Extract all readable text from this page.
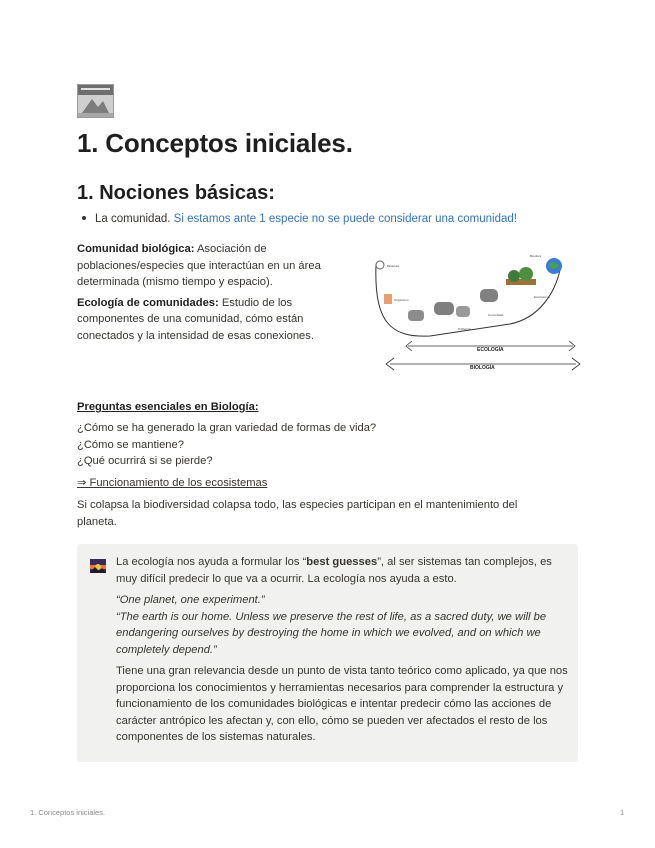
1. Conceptos iniciales.
1. Nociones básicas:
La comunidad. Si estamos ante 1 especie no se puede considerar una comunidad!

Comunidad biológica: Asociación de poblaciones/especies que interactúan en un área determinada (mismo tiempo y espacio).

Ecología de comunidades: Estudio de los componentes de una comunidad, cómo están conectados y la intensidad de esas conexiones.

Molécula
Organismo
Población
Comunidad
Ecosistema
Biosfera
ECOLOGÍA
BIOLOGÍA
Preguntas esenciales en Biología:
¿Cómo se ha generado la gran variedad de formas de vida?
¿Cómo se mantiene?
¿Qué ocurrirá si se pierde?
⇒ Funcionamiento de los ecosistemas
Si colapsa la biodiversidad colapsa todo, las especies participan en el mantenimiento del planeta.

La ecología nos ayuda a formular los “best guesses”, al ser sistemas tan complejos, es muy difícil predecir lo que va a ocurrir. La ecología nos ayuda a esto.

“One planet, one experiment.”

“The earth is our home. Unless we preserve the rest of life, as a sacred duty, we will be endangering ourselves by destroying the home in which we evolved, and on which we completely depend.”

Tiene una gran relevancia desde un punto de vista tanto teórico como aplicado, ya que nos proporciona los conocimientos y herramientas necesarios para comprender la estructura y funcionamiento de los comunidades biológicas e intentar predecir cómo las acciones de carácter antrópico les afectan y, con ello, cómo se pueden ver afectados el resto de los componentes de los sistemas naturales.

1. Conceptos iniciales.	1
